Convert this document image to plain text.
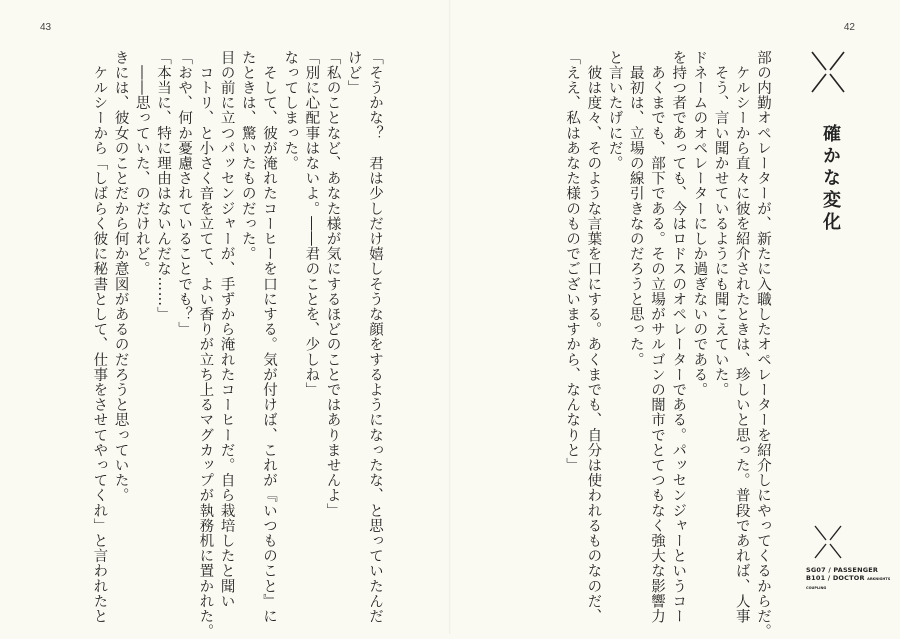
43
「そうかな？　君は少しだけ嬉しそうな顔をするようになったな、と思っていたんだ
けど」
「私のことなど、あなた様が気にするほどのことではありませんよ」
「別に心配事はないよ。――君のことを、少しね」
なってしまった。
　そして、彼が淹れたコーヒーを口にする。気が付けば、これが『いつものこと』に
たときは、驚いたものだった。
目の前に立つパッセンジャーが、手ずから淹れたコーヒーだ。自ら栽培したと聞い
　コトリ、と小さく音を立てて、よい香りが立ち上るマグカップが執務机に置かれた。
「おや、何か憂慮されていることでも？」
「本当に、特に理由はないんだな……」
　――思っていた、のだけれど。
きには、彼女のことだから何か意図があるのだろうと思っていた。
　ケルシーから「しばらく彼に秘書として、仕事をさせてやってくれ」と言われたと
42
確かな変化
部の内勤オペレーターが、新たに入職したオペレーターを紹介しにやってくるからだ。
　ケルシーから直々に彼を紹介されたときは、珍しいと思った。普段であれば、人事
　そう、言い聞かせているようにも聞こえていた。
ドネームのオペレーターにしか過ぎないのである。
を持つ者であっても、今はロドスのオペレーターである。パッセンジャーというコー
　あくまでも、部下である。その立場がサルゴンの闇市でとてつもなく強大な影響力
　最初は、立場の線引きなのだろうと思った。
と言いたげにだ。
　彼は度々、そのような言葉を口にする。あくまでも、自分は使われるものなのだ、
「ええ、私はあなた様のものでございますから、なんなりと」
SG07 / PASSENGER
B101 / DOCTOR ARKNIGHTS COUPLING
